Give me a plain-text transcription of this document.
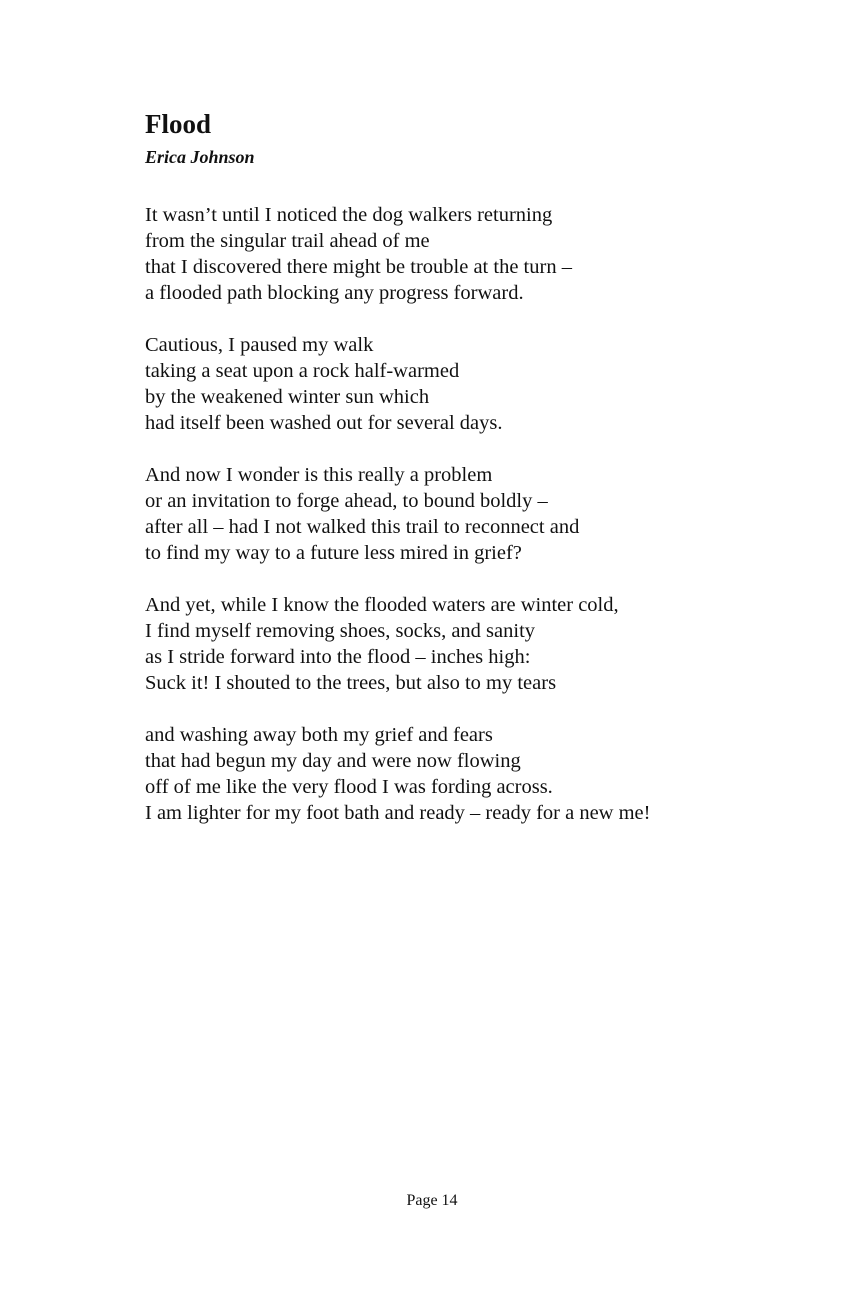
Flood
Erica Johnson
It wasn’t until I noticed the dog walkers returning
from the singular trail ahead of me
that I discovered there might be trouble at the turn –
a flooded path blocking any progress forward.
Cautious, I paused my walk
taking a seat upon a rock half-warmed
by the weakened winter sun which
had itself been washed out for several days.
And now I wonder is this really a problem
or an invitation to forge ahead, to bound boldly –
after all – had I not walked this trail to reconnect and
to find my way to a future less mired in grief?
And yet, while I know the flooded waters are winter cold,
I find myself removing shoes, socks, and sanity
as I stride forward into the flood – inches high:
Suck it! I shouted to the trees, but also to my tears
and washing away both my grief and fears
that had begun my day and were now flowing
off of me like the very flood I was fording across.
I am lighter for my foot bath and ready – ready for a new me!
Page 14
